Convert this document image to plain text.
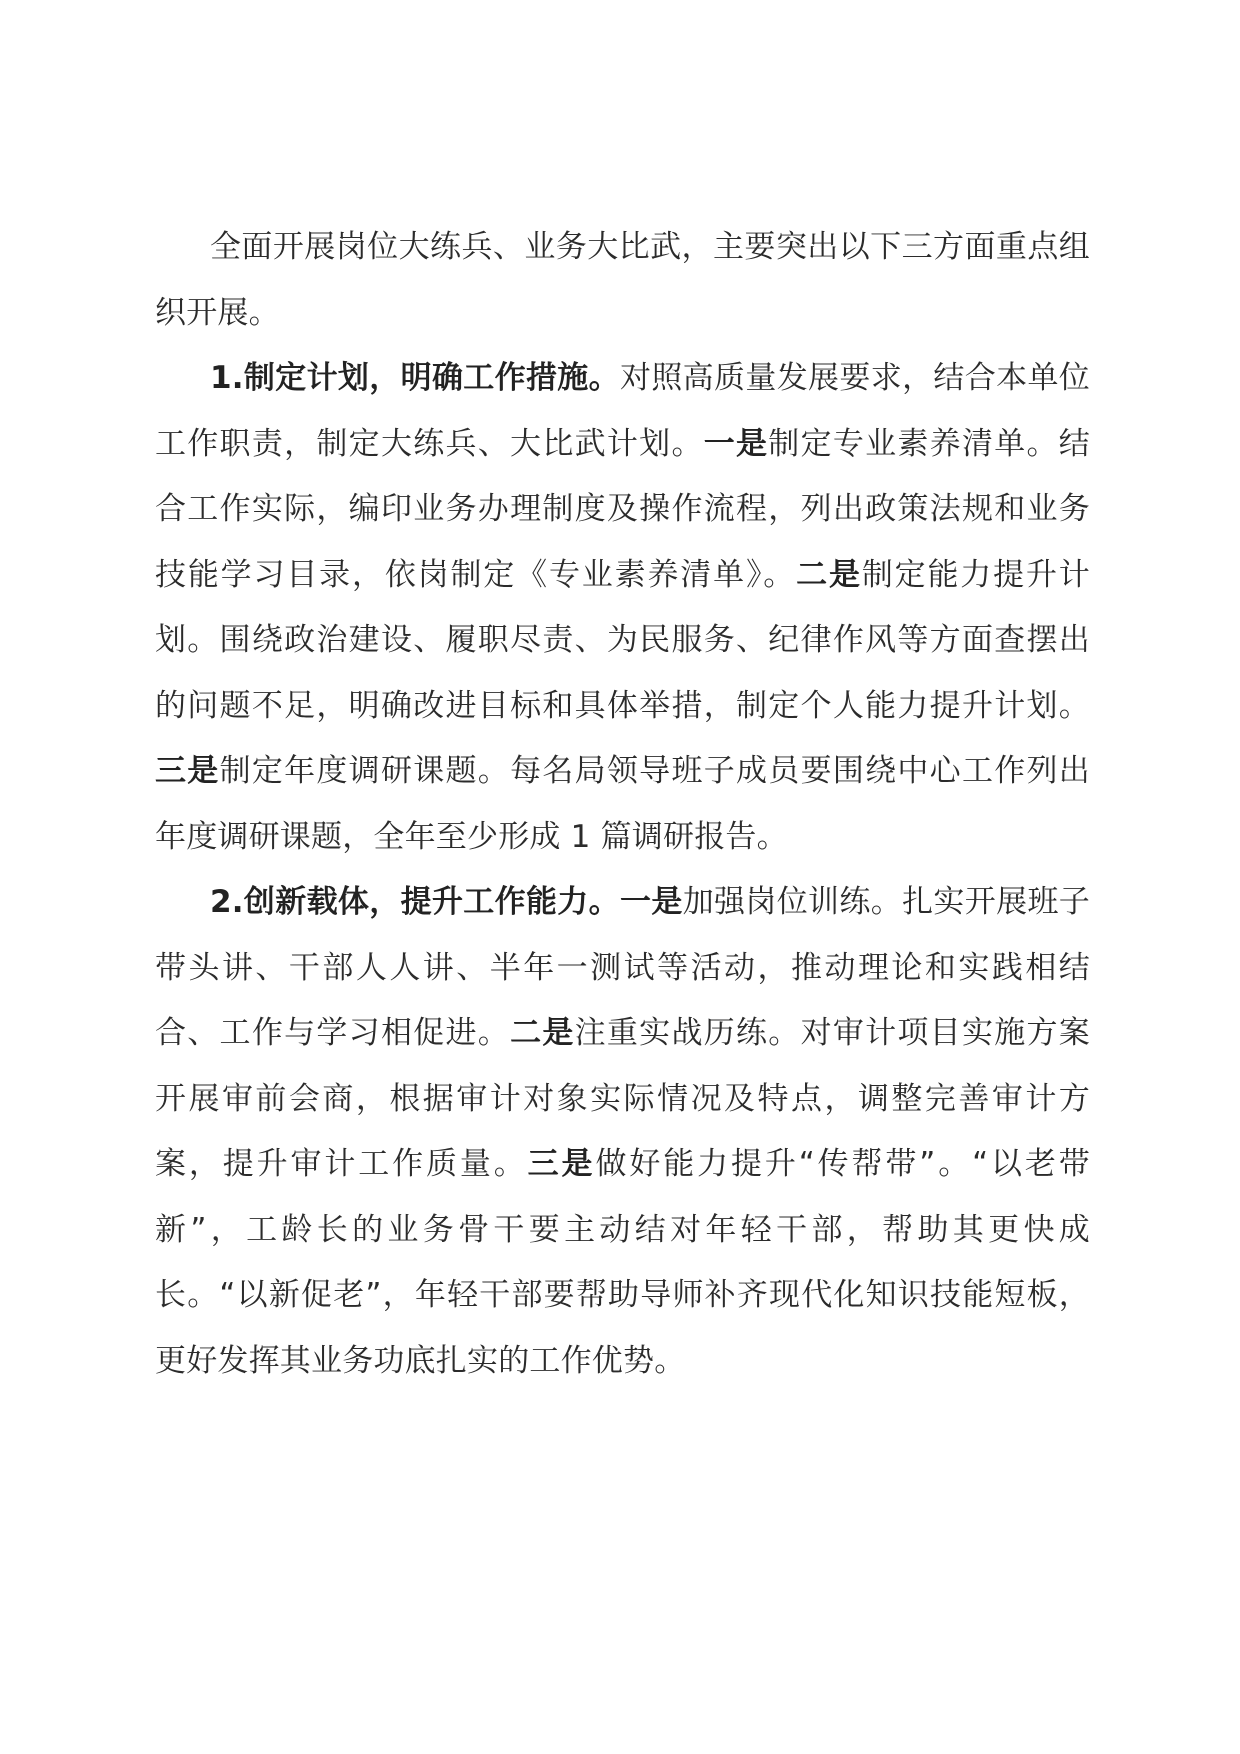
全面开展岗位大练兵、业务大比武，主要突出以下三方面重点组织开展。

1.制定计划，明确工作措施。对照高质量发展要求，结合本单位工作职责，制定大练兵、大比武计划。一是制定专业素养清单。结合工作实际，编印业务办理制度及操作流程，列出政策法规和业务技能学习目录，依岗制定《专业素养清单》。二是制定能力提升计划。围绕政治建设、履职尽责、为民服务、纪律作风等方面查摆出的问题不足，明确改进目标和具体举措，制定个人能力提升计划。三是制定年度调研课题。每名局领导班子成员要围绕中心工作列出年度调研课题，全年至少形成 1 篇调研报告。

2.创新载体，提升工作能力。一是加强岗位训练。扎实开展班子带头讲、干部人人讲、半年一测试等活动，推动理论和实践相结合、工作与学习相促进。二是注重实战历练。对审计项目实施方案开展审前会商，根据审计对象实际情况及特点，调整完善审计方案，提升审计工作质量。三是做好能力提升“传帮带”。“以老带新”，工龄长的业务骨干要主动结对年轻干部，帮助其更快成长。“以新促老”，年轻干部要帮助导师补齐现代化知识技能短板，更好发挥其业务功底扎实的工作优势。
